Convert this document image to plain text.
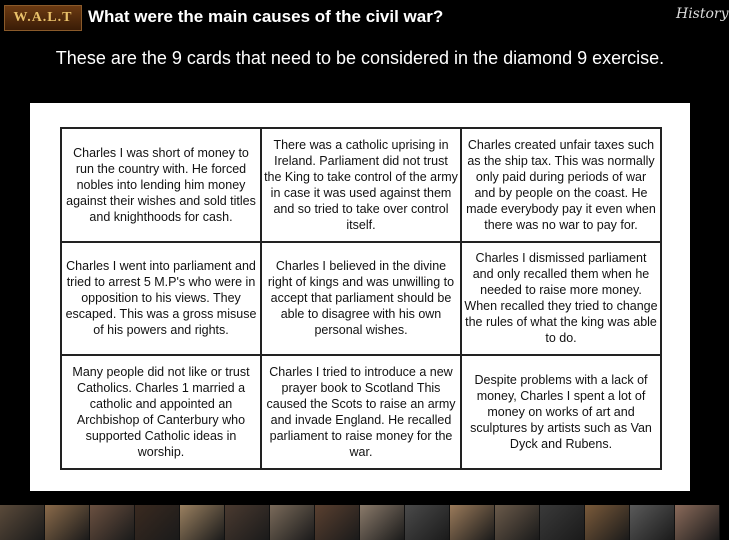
W.A.L.T What were the main causes of the civil war?	History
These are the 9 cards that need to be considered in the diamond 9 exercise.
Charles I was short of money to run the country with. He forced nobles into lending him money against their wishes and sold titles and knighthoods for cash.	There was a catholic uprising in Ireland. Parliament did not trust the King to take control of the army in case it was used against them and so tried to take over control itself.	Charles created unfair taxes such as the ship tax. This was normally only paid during periods of war and by people on the coast. He made everybody pay it even when there was no war to pay for.
Charles I went into parliament and tried to arrest 5 M.P's who were in opposition to his views. They escaped. This was a gross misuse of his powers and rights.	Charles I believed in the divine right of kings and was unwilling to accept that parliament should be able to disagree with his own personal wishes.	Charles I dismissed parliament and only recalled them when he needed to raise more money. When recalled they tried to change the rules of what the king was able to do.
Many people did not like or trust Catholics. Charles 1 married a catholic and appointed an Archbishop of Canterbury who supported Catholic ideas in worship.	Charles I tried to introduce a new prayer book to Scotland This caused the Scots to raise an army and invade England. He recalled parliament to raise money for the war.	Despite problems with a lack of money, Charles I spent a lot of money on works of art and sculptures by artists such as Van Dyck and Rubens.
